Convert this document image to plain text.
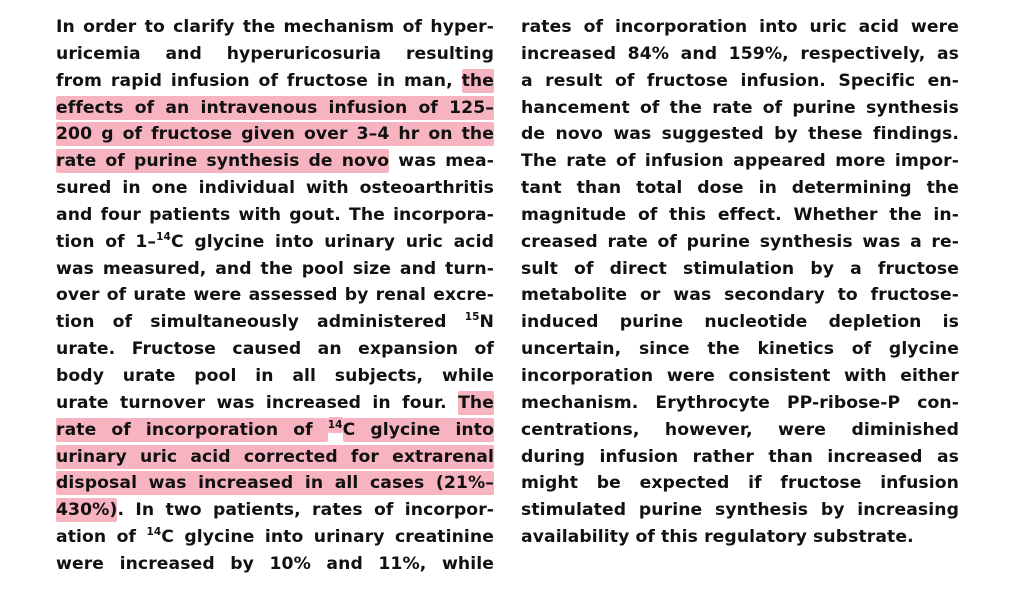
In order to clarify the mechanism of hyper-
uricemia and hyperuricosuria resulting
from rapid infusion of fructose in man, the
effects of an intravenous infusion of 125–
200 g of fructose given over 3–4 hr on the
rate of purine synthesis de novo was mea-
sured in one individual with osteoarthritis
and four patients with gout. The incorpora-
tion of 1–$^{14}$C glycine into urinary uric acid
was measured, and the pool size and turn-
over of urate were assessed by renal excre-
tion of simultaneously administered $^{15}$N
urate. Fructose caused an expansion of
body urate pool in all subjects, while
urate turnover was increased in four. The
rate of incorporation of $^{14}$C glycine into
urinary uric acid corrected for extrarenal
disposal was increased in all cases (21%–
430%). In two patients, rates of incorpor-
ation of $^{14}$C glycine into urinary creatinine
were increased by 10% and 11%, while
rates of incorporation into uric acid were
increased 84% and 159%, respectively, as
a result of fructose infusion. Specific en-
hancement of the rate of purine synthesis
de novo was suggested by these findings.
The rate of infusion appeared more impor-
tant than total dose in determining the
magnitude of this effect. Whether the in-
creased rate of purine synthesis was a re-
sult of direct stimulation by a fructose
metabolite or was secondary to fructose-
induced purine nucleotide depletion is
uncertain, since the kinetics of glycine
incorporation were consistent with either
mechanism. Erythrocyte PP-ribose-P con-
centrations, however, were diminished
during infusion rather than increased as
might be expected if fructose infusion
stimulated purine synthesis by increasing
availability of this regulatory substrate.
